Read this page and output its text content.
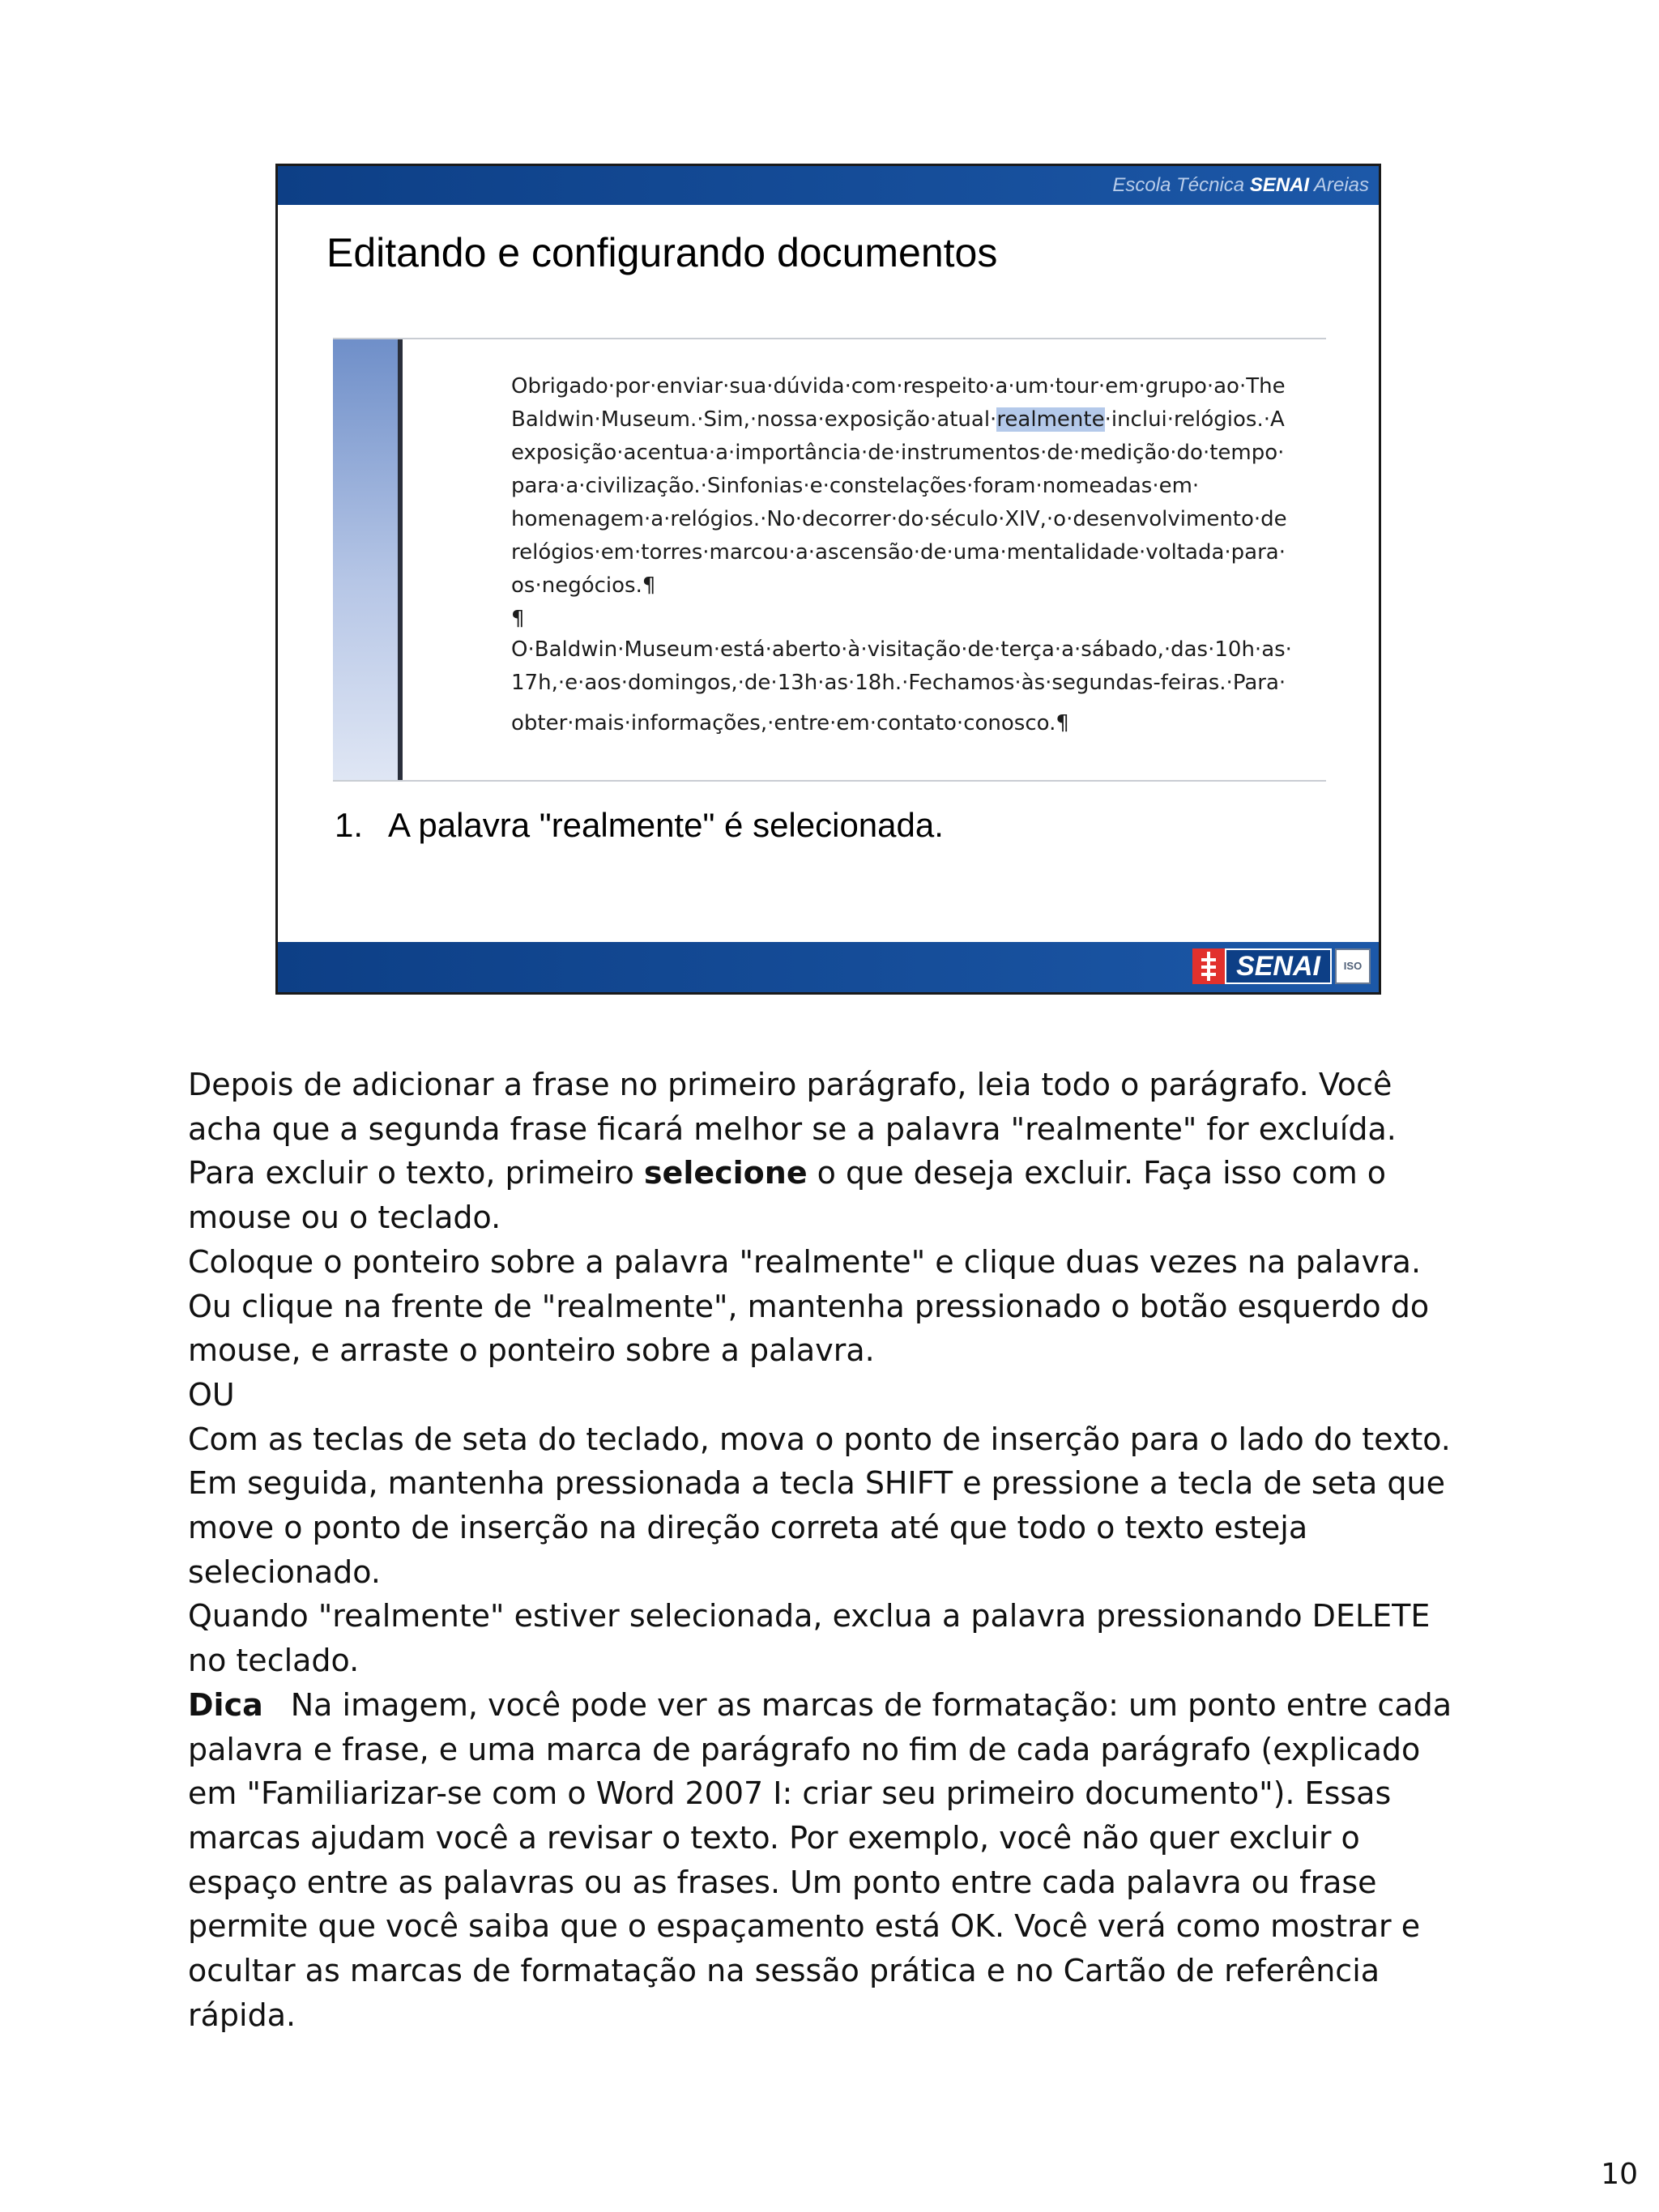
Escola Técnica SENAI Areias
Editando e configurando documentos
Obrigado·por·enviar·sua·dúvida·com·respeito·a·um·tour·em·grupo·ao·The
Baldwin·Museum.·Sim,·nossa·exposição·atual·realmente·inclui·relógios.·A
exposição·acentua·a·importância·de·instrumentos·de·medição·do·tempo·
para·a·civilização.·Sinfonias·e·constelações·foram·nomeadas·em·
homenagem·a·relógios.·No·decorrer·do·século·XIV,·o·desenvolvimento·de
relógios·em·torres·marcou·a·ascensão·de·uma·mentalidade·voltada·para·
os·negócios.¶
¶
O·Baldwin·Museum·está·aberto·à·visitação·de·terça·a·sábado,·das·10h·as·
17h,·e·aos·domingos,·de·13h·as·18h.·Fechamos·às·segundas-feiras.·Para·
obter·mais·informações,·entre·em·contato·conosco.¶
1. A palavra "realmente" é selecionada.
SENAI	ISO

Depois de adicionar a frase no primeiro parágrafo, leia todo o parágrafo. Você acha que a segunda frase ficará melhor se a palavra "realmente" for excluída.

Para excluir o texto, primeiro selecione o que deseja excluir. Faça isso com o mouse ou o teclado.

Coloque o ponteiro sobre a palavra "realmente" e clique duas vezes na palavra. Ou clique na frente de "realmente", mantenha pressionado o botão esquerdo do mouse, e arraste o ponteiro sobre a palavra.

OU

Com as teclas de seta do teclado, mova o ponto de inserção para o lado do texto. Em seguida, mantenha pressionada a tecla SHIFT e pressione a tecla de seta que move o ponto de inserção na direção correta até que todo o texto esteja selecionado.

Quando "realmente" estiver selecionada, exclua a palavra pressionando DELETE no teclado.

Dica Na imagem, você pode ver as marcas de formatação: um ponto entre cada palavra e frase, e uma marca de parágrafo no fim de cada parágrafo (explicado em "Familiarizar-se com o Word 2007 I: criar seu primeiro documento"). Essas marcas ajudam você a revisar o texto. Por exemplo, você não quer excluir o espaço entre as palavras ou as frases. Um ponto entre cada palavra ou frase permite que você saiba que o espaçamento está OK. Você verá como mostrar e ocultar as marcas de formatação na sessão prática e no Cartão de referência rápida.

10
